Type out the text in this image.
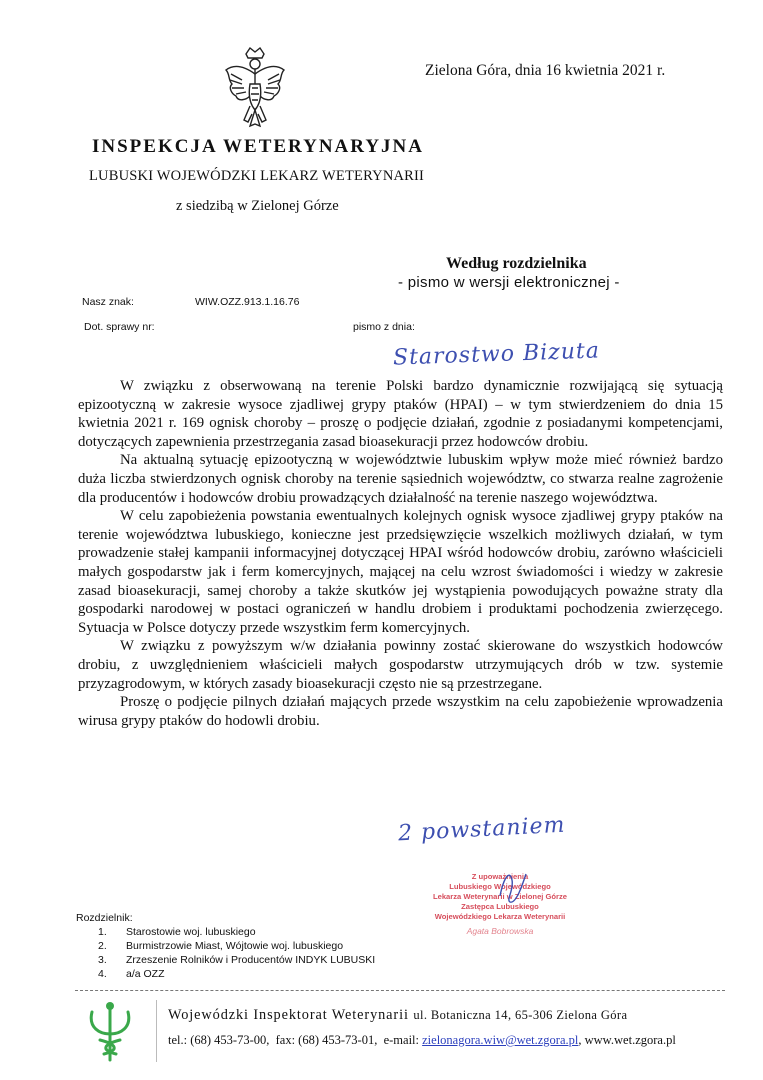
Zielona Góra, dnia 16 kwietnia 2021 r.
INSPEKCJA WETERYNARYJNA
LUBUSKI WOJEWÓDZKI LEKARZ WETERYNARII
z siedzibą w Zielonej Górze
Według rozdzielnika
- pismo w wersji elektronicznej -
Nasz znak:	WIW.OZZ.913.1.16.76
Dot. sprawy nr:	pismo z dnia:
Starostwo Bizuta

W związku z obserwowaną na terenie Polski bardzo dynamicznie rozwijającą się sytuacją epizootyczną w zakresie wysoce zjadliwej grypy ptaków (HPAI) – w tym stwierdzeniem do dnia 15 kwietnia 2021 r. 169 ognisk choroby – proszę o podjęcie działań, zgodnie z posiadanymi kompetencjami, dotyczących zapewnienia przestrzegania zasad bioasekuracji przez hodowców drobiu.

Na aktualną sytuację epizootyczną w województwie lubuskim wpływ może mieć również bardzo duża liczba stwierdzonych ognisk choroby na terenie sąsiednich województw, co stwarza realne zagrożenie dla producentów i hodowców drobiu prowadzących działalność na terenie naszego województwa.

W celu zapobieżenia powstania ewentualnych kolejnych ognisk wysoce zjadliwej grypy ptaków na terenie województwa lubuskiego, konieczne jest przedsięwzięcie wszelkich możliwych działań, w tym prowadzenie stałej kampanii informacyjnej dotyczącej HPAI wśród hodowców drobiu, zarówno właścicieli małych gospodarstw jak i ferm komercyjnych, mającej na celu wzrost świadomości i wiedzy w zakresie zasad bioasekuracji, samej choroby a także skutków jej wystąpienia powodujących poważne straty dla gospodarki narodowej w postaci ograniczeń w handlu drobiem i produktami pochodzenia zwierzęcego. Sytuacja w Polsce dotyczy przede wszystkim ferm komercyjnych.

W związku z powyższym w/w działania powinny zostać skierowane do wszystkich hodowców drobiu, z uwzględnieniem właścicieli małych gospodarstw utrzymujących drób w tzw. systemie przyzagrodowym, w których zasady bioasekuracji często nie są przestrzegane.

Proszę o podjęcie pilnych działań mających przede wszystkim na celu zapobieżenie wprowadzenia wirusa grypy ptaków do hodowli drobiu.

2 powstaniem
Z upoważnienia
Lubuskiego Wojewódzkiego
Lekarza Weterynarii w Zielonej Górze
Zastępca Lubuskiego
Wojewódzkiego Lekarza Weterynarii
Agata Bobrowska
Rozdzielnik:
1.	Starostowie woj. lubuskiego
2.	Burmistrzowie Miast, Wójtowie woj. lubuskiego
3.	Zrzeszenie Rolników i Producentów INDYK LUBUSKI
4.	a/a OZZ
Wojewódzki Inspektorat Weterynarii ul. Botaniczna 14, 65-306 Zielona Góra
tel.: (68) 453-73-00, fax: (68) 453-73-01, e-mail: zielonagora.wiw@wet.zgora.pl, www.wet.zgora.pl
